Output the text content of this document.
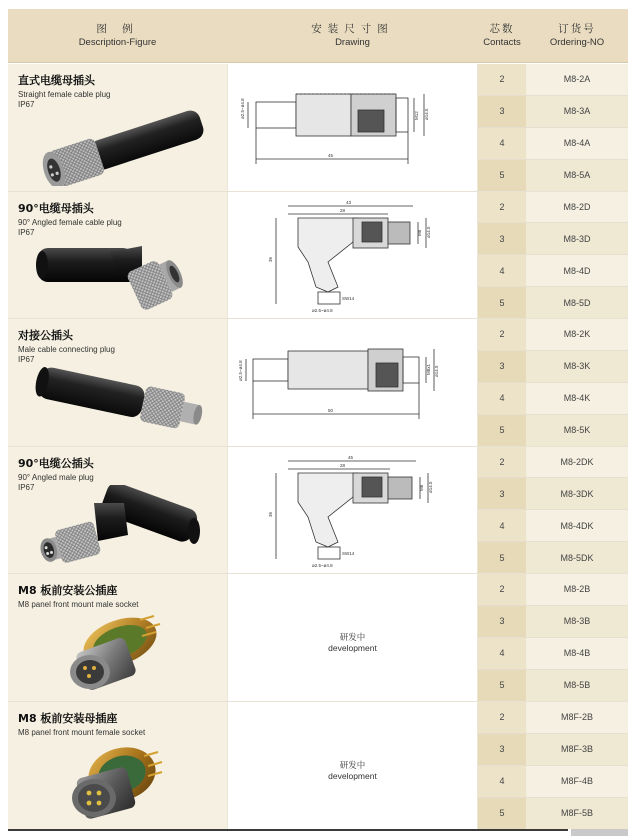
图 例
Description-Figure
安装尺寸图
Drawing
芯数
Contacts
订货号
Ordering-NO
直式电缆母插头
Straight female cable plug
IP67	ø2.5~ø4.8	M12 ø14.5
45
2	M8-2A
3	M8-3A
4	M8-4A
5	M8-5A
90°电缆母插头
90° Angled female cable plug
IP67
43
28
M8 ø14.5
36
SW14
ø2.5~ø4.8
2	M8-2D
3	M8-3D
4	M8-4D
5	M8-5D
对接公插头
Male cable connecting plug
IP67
ø2.5~ø4.8	M8x1 ø14.5
50
2	M8-2K
3	M8-3K
4	M8-4K
5	M8-5K
90°电缆公插头
90° Angled male plug
IP67
45
28
M8 ø14.5
36
SW14
ø2.5~ø4.8
2	M8-2DK
3	M8-3DK
4	M8-4DK
5	M8-5DK
M8 板前安装公插座
M8 panel front mount male socket
研发中
development
2	M8-2B
3	M8-3B
4	M8-4B
5	M8-5B
M8 板前安装母插座
M8 panel front mount female socket
研发中
development
2	M8F-2B
3	M8F-3B
4	M8F-4B
5	M8F-5B
